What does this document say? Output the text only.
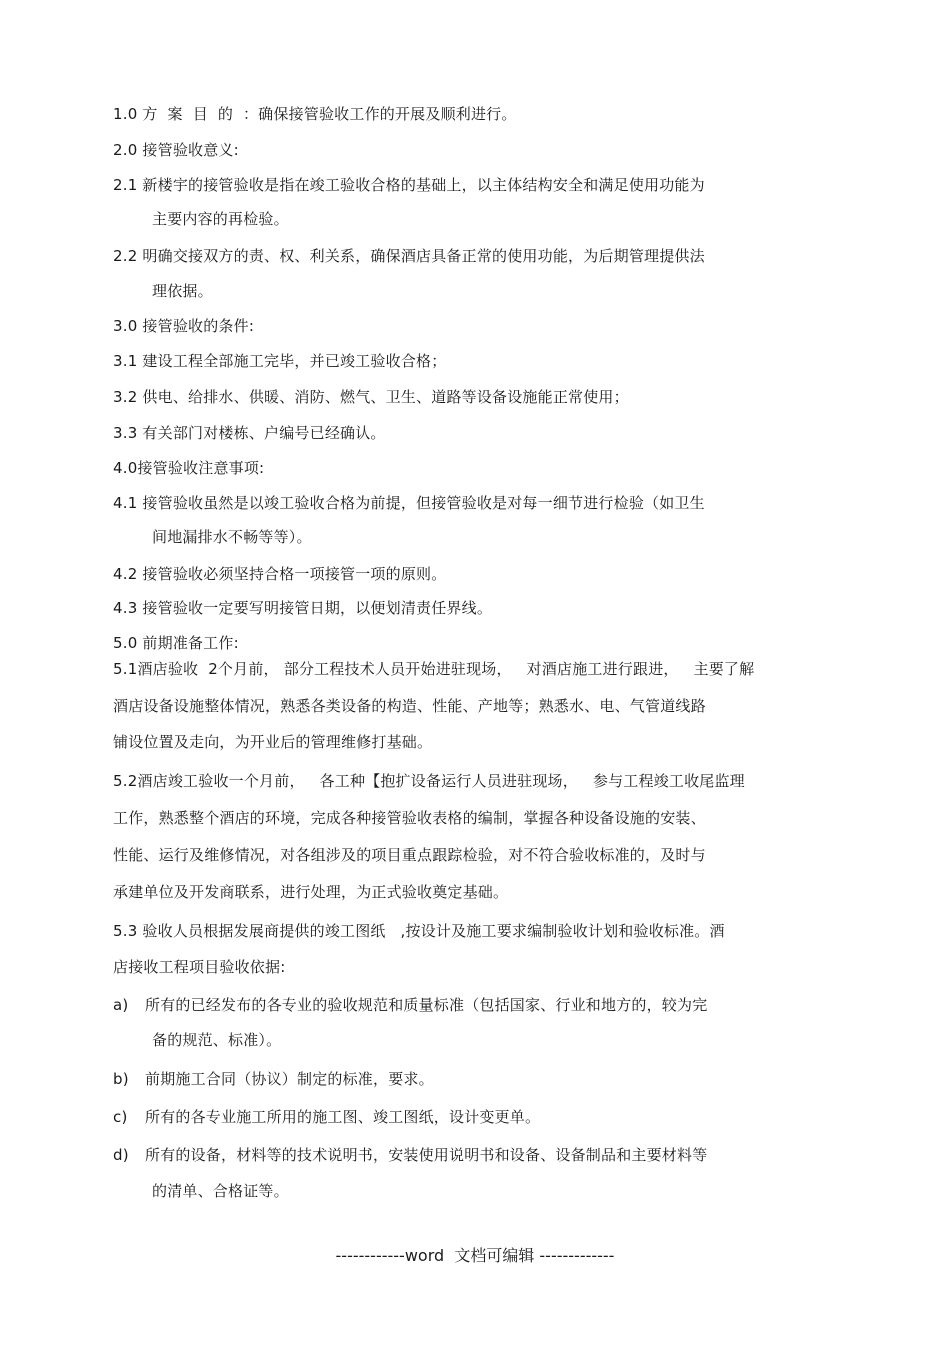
1.0 方  案  目  的  ：确保接管验收工作的开展及顺利进行。
2.0 接管验收意义:
2.1 新楼宇的接管验收是指在竣工验收合格的基础上，以主体结构安全和满足使用功能为
主要内容的再检验。
2.2 明确交接双方的责、权、利关系，确保酒店具备正常的使用功能，为后期管理提供法
理依据。
3.0 接管验收的条件:
3.1 建设工程全部施工完毕，并已竣工验收合格；
3.2 供电、给排水、供暖、消防、燃气、卫生、道路等设备设施能正常使用；
3.3 有关部门对楼栋、户编号已经确认。
4.0接管验收注意事项:
4.1 接管验收虽然是以竣工验收合格为前提，但接管验收是对每一细节进行检验（如卫生
间地漏排水不畅等等）。
4.2 接管验收必须坚持合格一项接管一项的原则。
4.3 接管验收一定要写明接管日期，以便划清责任界线。
5.0 前期准备工作:
5.1酒店验收  2个月前， 部分工程技术人员开始进驻现场，   对酒店施工进行跟进，   主要了解
酒店设备设施整体情况，熟悉各类设备的构造、性能、产地等；熟悉水、电、气管道线路
铺设位置及走向，为开业后的管理维修打基础。
5.2酒店竣工验收一个月前，   各工种【抱扩设备运行人员进驻现场，   参与工程竣工收尾监理
工作，熟悉整个酒店的环境，完成各种接管验收表格的编制，掌握各种设备设施的安装、
性能、运行及维修情况，对各组涉及的项目重点跟踪检验，对不符合验收标准的，及时与
承建单位及开发商联系，进行处理，为正式验收奠定基础。
5.3 验收人员根据发展商提供的竣工图纸   ,按设计及施工要求编制验收计划和验收标准。酒
店接收工程项目验收依据:
a) 所有的已经发布的各专业的验收规范和质量标准（包括国家、行业和地方的，较为完
备的规范、标准）。
b) 前期施工合同（协议）制定的标准，要求。
c) 所有的各专业施工所用的施工图、竣工图纸，设计变更单。
d) 所有的设备，材料等的技术说明书，安装使用说明书和设备、设备制品和主要材料等
的清单、合格证等。
------------word  文档可编辑 -------------
